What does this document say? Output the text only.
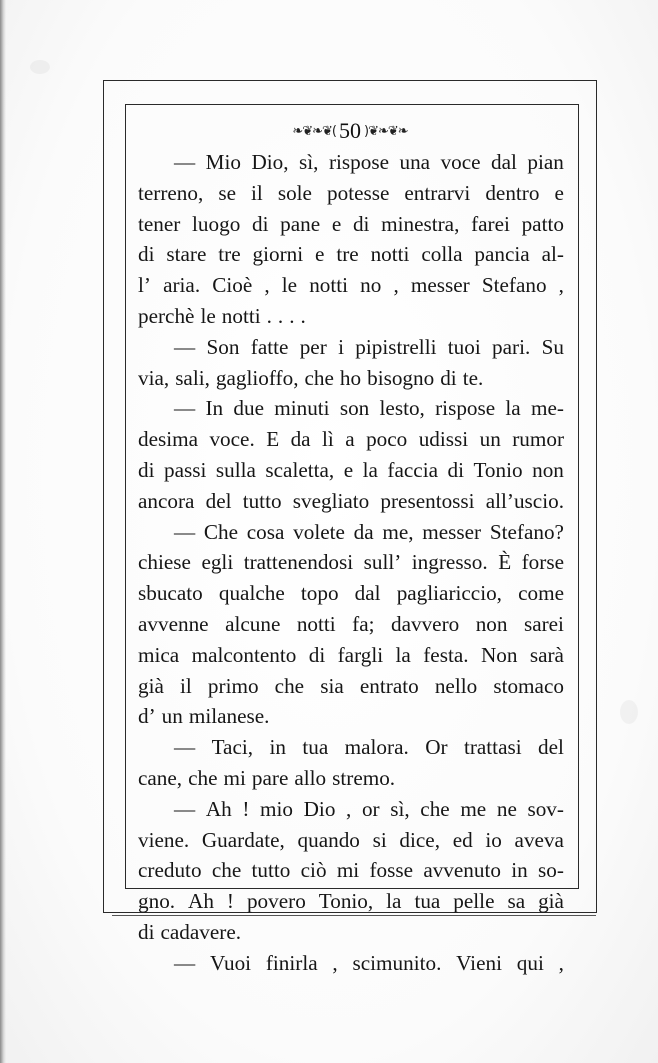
❧❦❧❦( 50 )❦❧❦❧
— Mio Dio, sì, rispose una voce dal pian
terreno, se il sole potesse entrarvi dentro e
tener luogo di pane e di minestra, farei patto
di stare tre giorni e tre notti colla pancia al-
l’ aria. Cioè , le notti no , messer Stefano ,
perchè le notti . . . .
— Son fatte per i pipistrelli tuoi pari. Su
via, sali, gaglioffo, che ho bisogno di te.
— In due minuti son lesto, rispose la me-
desima voce. E da lì a poco udissi un rumor
di passi sulla scaletta, e la faccia di Tonio non
ancora del tutto svegliato presentossi all’uscio.
— Che cosa volete da me, messer Stefano?
chiese egli trattenendosi sull’ ingresso. È forse
sbucato qualche topo dal pagliariccio, come
avvenne alcune notti fa; davvero non sarei
mica malcontento di fargli la festa. Non sarà
già il primo che sia entrato nello stomaco
d’ un milanese.
— Taci, in tua malora. Or trattasi del
cane, che mi pare allo stremo.
— Ah ! mio Dio , or sì, che me ne sov-
viene. Guardate, quando si dice, ed io aveva
creduto che tutto ciò mi fosse avvenuto in so-
gno. Ah ! povero Tonio, la tua pelle sa già
di cadavere.
— Vuoi finirla , scimunito. Vieni qui ,
